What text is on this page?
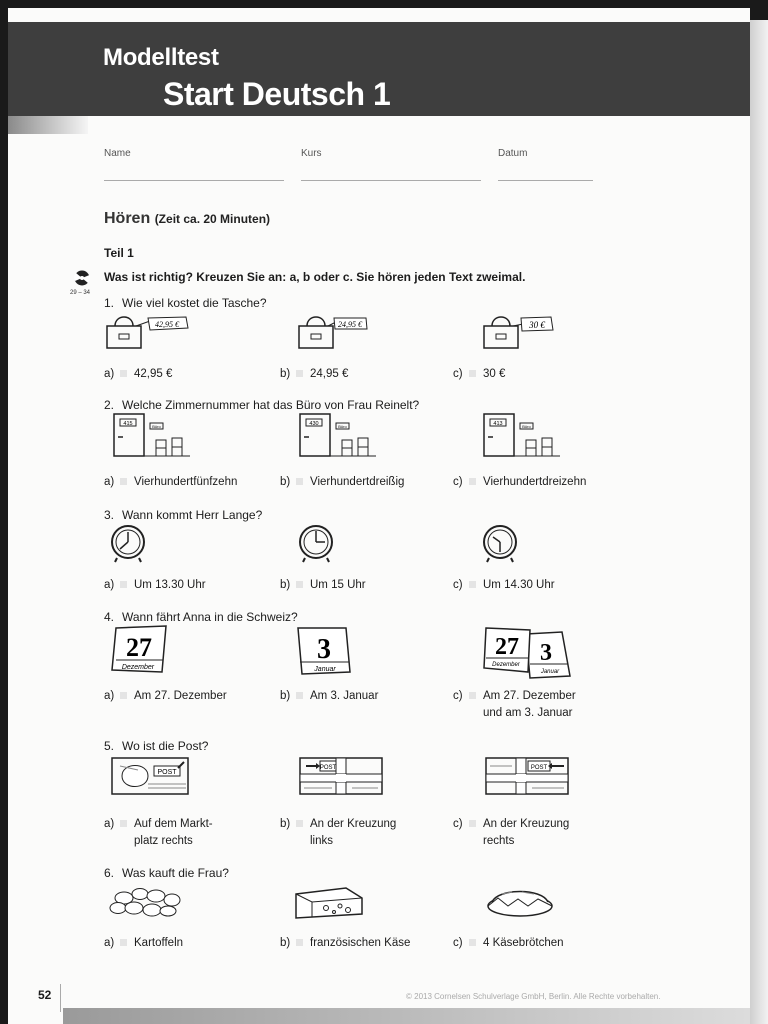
Modelltest
Start Deutsch 1
Name	Kurs	Datum
Hören (Zeit ca. 20 Minuten)
Teil 1
29 – 34
Was ist richtig? Kreuzen Sie an: a, b oder c. Sie hören jeden Text zweimal.
1. Wie viel kostet die Tasche?
42,95 €	24,95 €	30 €
a) 42,95 €	b) 24,95 €	c) 30 €
2. Welche Zimmernummer hat das Büro von Frau Reinelt?
415	Büro	430	Büro	413	Büro
a) Vierhundertfünfzehn	b) Vierhundertdreißig	c) Vierhundertdreizehn
3. Wann kommt Herr Lange?
a) Um 13.30 Uhr	b) Um 15 Uhr	c) Um 14.30 Uhr
4. Wann fährt Anna in die Schweiz?
27
Dezember
3
Januar
3
Januar
27
Dezember
a) Am 27. Dezember	b) Am 3. Januar	c) Am 27. Dezember
und am 3. Januar
5. Wo ist die Post?
POST
POST	POST
a) Auf dem Markt-
platz rechts
b) An der Kreuzung
links
c) An der Kreuzung
rechts
6. Was kauft die Frau?
a) Kartoffeln	b) französischen Käse	c) 4 Käsebrötchen
52	© 2013 Cornelsen Schulverlage GmbH, Berlin. Alle Rechte vorbehalten.
